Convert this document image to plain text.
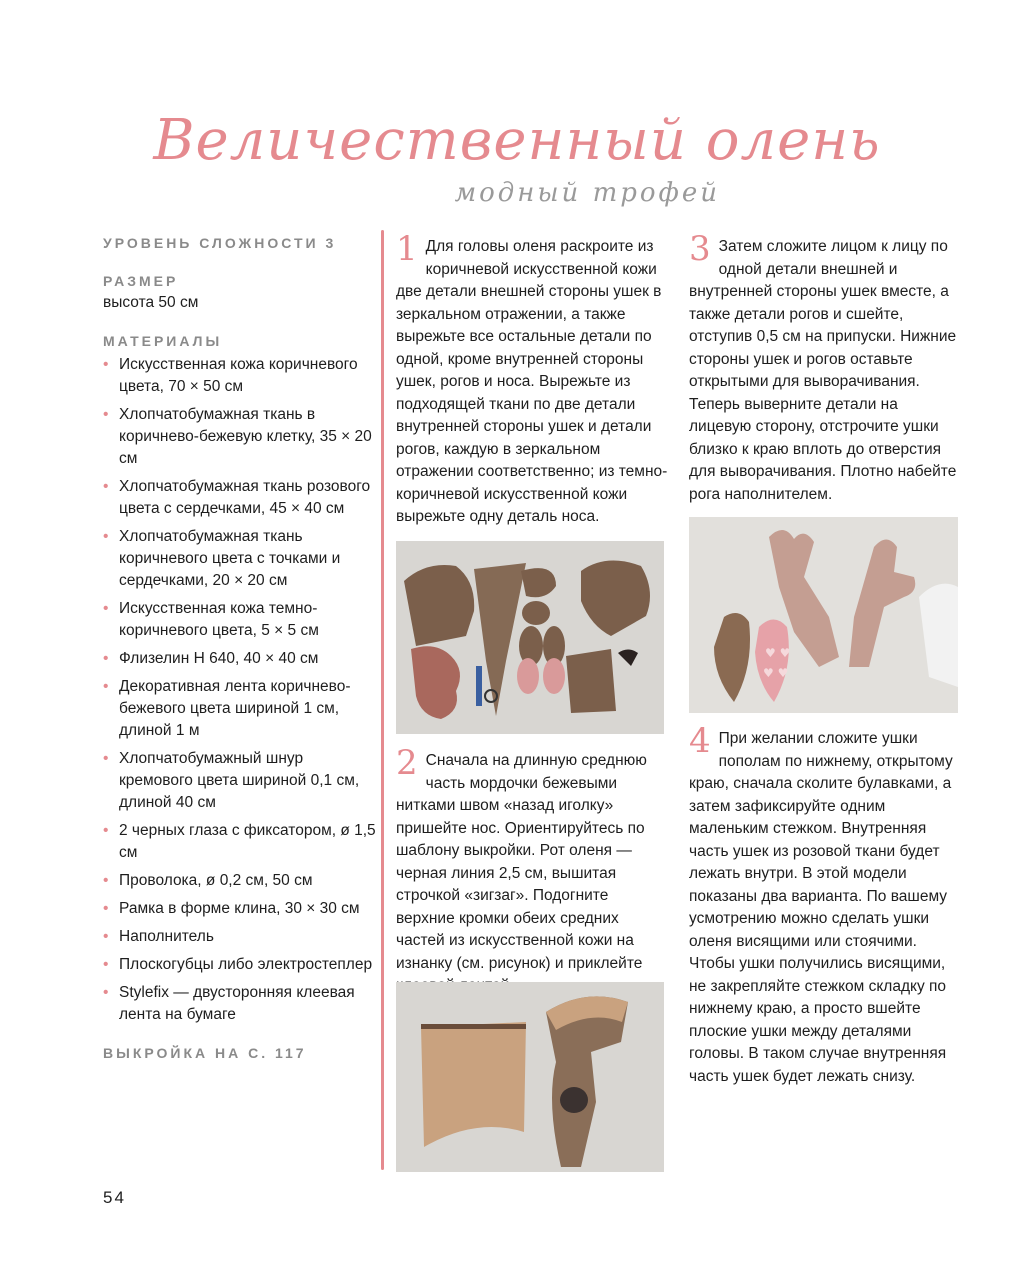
Величественный олень
модный трофей

УРОВЕНЬ СЛОЖНОСТИ 3

РАЗМЕР

высота 50 см

МАТЕРИАЛЫ

• Искусственная кожа коричневого цвета, 70 × 50 см
• Хлопчатобумажная ткань в коричнево-бежевую клетку, 35 × 20 см
• Хлопчатобумажная ткань розового цвета с сердечками, 45 × 40 см
• Хлопчатобумажная ткань коричневого цвета с точками и сердечками, 20 × 20 см
• Искусственная кожа темно-коричневого цвета, 5 × 5 см
• Флизелин Н 640, 40 × 40 см
• Декоративная лента коричнево-бежевого цвета шириной 1 см, длиной 1 м
• Хлопчатобумажный шнур кремового цвета шириной 0,1 см, длиной 40 см
• 2 черных глаза с фиксатором, ø 1,5 см
• Проволока, ø 0,2 см, 50 см
• Рамка в форме клина, 30 × 30 см
• Наполнитель
• Плоскогубцы либо электростеплер
• Stylefix — двусторонняя клеевая лента на бумаге

ВЫКРОЙКА НА С. 117

1 Для головы оленя раскроите из коричневой искусственной кожи две детали внешней стороны ушек в зеркальном отражении, а также вырежьте все остальные детали по одной, кроме внутренней стороны ушек, рогов и носа. Вырежьте из подходящей ткани по две детали внутренней стороны ушек и детали рогов, каждую в зеркальном отражении соответственно; из темно-коричневой искусственной кожи вырежьте одну деталь носа.
2 Сначала на длинную среднюю часть мордочки бежевыми нитками швом «назад иголку» пришейте нос. Ориентируйтесь по шаблону выкройки. Рот оленя — черная линия 2,5 см, вышитая строчкой «зигзаг». Подогните верхние кромки обеих средних частей из искусственной кожи на изнанку (см. рисунок) и приклейте
3 Затем сложите лицом к лицу по одной детали внешней и внутренней стороны ушек вместе, а также детали рогов и сшейте, отступив 0,5 см на припуски. Нижние стороны ушек и рогов оставьте открытыми для выворачивания. Теперь выверните детали на лицевую сторону, отстрочите ушки близко к краю вплоть до отверстия для выворачивания. Плотно набейте рога наполнителем.
♥ ♥
♥ ♥
4 При желании сложите ушки пополам по нижнему, открытому краю, сначала сколите булавками, а затем зафиксируйте одним маленьким стежком. Внутренняя часть ушек из розовой ткани будет лежать внутри. В этой модели показаны два варианта. По вашему усмотрению можно сделать ушки оленя висящими или стоячими. Чтобы ушки получились висящими, не закрепляйте стежком складку по нижнему краю, а просто вшейте плоские ушки между деталями головы. В таком случае внутренняя часть ушек будет лежать снизу.
54
